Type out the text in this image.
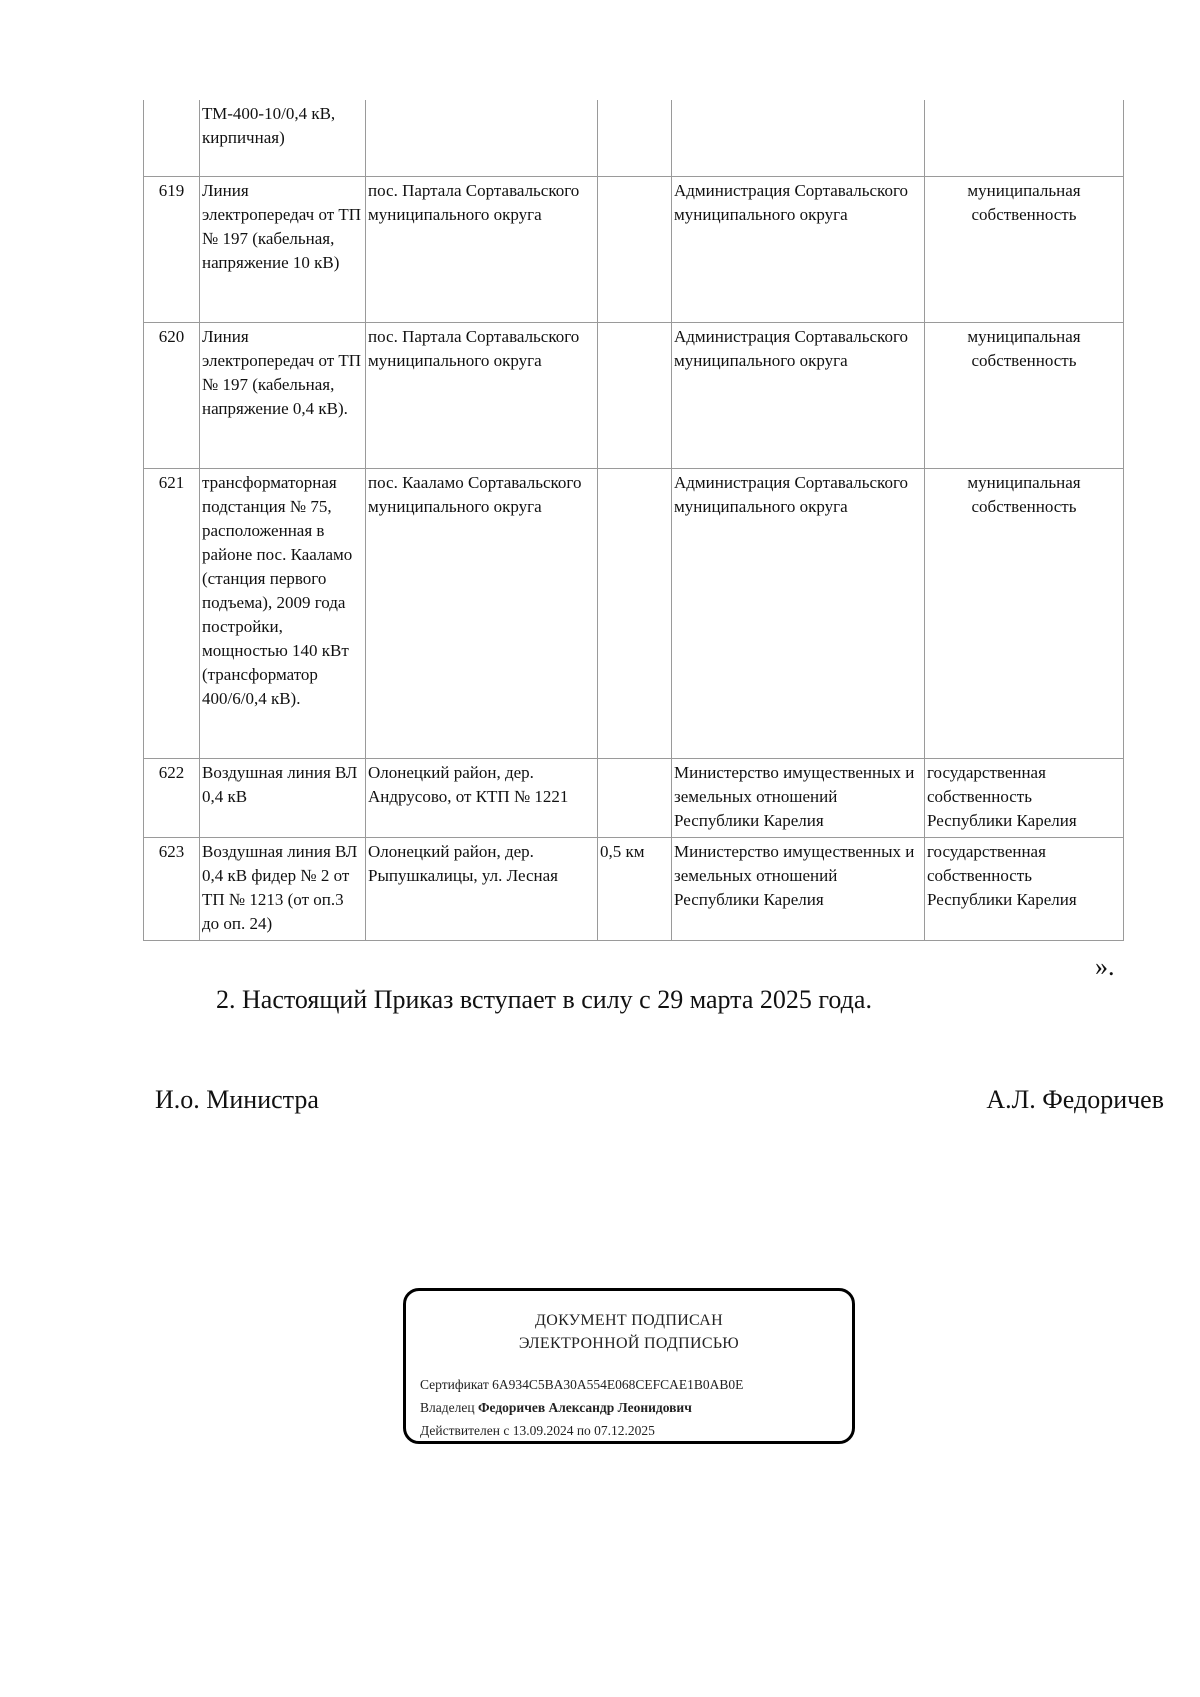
	ТМ-400-10/0,4 кВ, кирпичная)				
619	Линия электропередач от ТП № 197 (кабельная, напряжение 10 кВ)	пос. Партала Сортавальского муниципального округа		Администрация Сортавальского муниципального округа	муниципальная собственность
620	Линия электропередач от ТП № 197 (кабельная, напряжение 0,4 кВ).	пос. Партала Сортавальского муниципального округа		Администрация Сортавальского муниципального округа	муниципальная собственность
621	трансформаторная подстанция № 75, расположенная в районе пос. Кааламо (станция первого подъема), 2009 года постройки, мощностью 140 кВт (трансформатор 400/6/0,4 кВ).	пос. Кааламо Сортавальского муниципального округа		Администрация Сортавальского муниципального округа	муниципальная собственность
622	Воздушная линия ВЛ 0,4 кВ	Олонецкий район, дер. Андрусово, от КТП № 1221		Министерство имущественных и земельных отношений Республики Карелия	государственная собственность Республики Карелия
623	Воздушная линия ВЛ 0,4 кВ фидер № 2 от ТП № 1213 (от оп.3 до оп. 24)	Олонецкий район, дер. Рыпушкалицы, ул. Лесная	0,5 км	Министерство имущественных и земельных отношений Республики Карелия	государственная собственность Республики Карелия
».
2. Настоящий Приказ вступает в силу с 29 марта 2025 года.
И.о. Министра	А.Л. Федоричев
ДОКУМЕНТ ПОДПИСАН
ЭЛЕКТРОННОЙ ПОДПИСЬЮ
Сертификат 6A934C5BA30A554E068CEFCAE1B0AB0E
Владелец Федоричев Александр Леонидович
Действителен с 13.09.2024 по 07.12.2025
